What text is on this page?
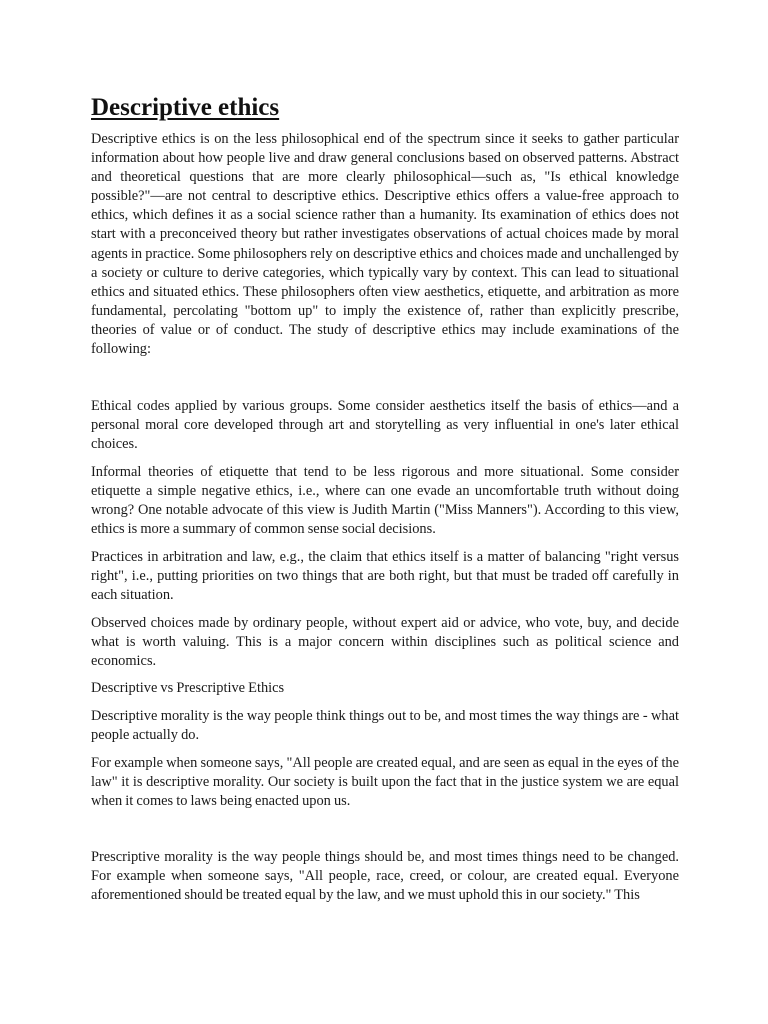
Descriptive ethics

Descriptive ethics is on the less philosophical end of the spectrum since it seeks to gather particular information about how people live and draw general conclusions based on observed patterns. Abstract and theoretical questions that are more clearly philosophical—such as, "Is ethical knowledge possible?"—are not central to descriptive ethics. Descriptive ethics offers a value-free approach to ethics, which defines it as a social science rather than a humanity. Its examination of ethics does not start with a preconceived theory but rather investigates observations of actual choices made by moral agents in practice. Some philosophers rely on descriptive ethics and choices made and unchallenged by a society or culture to derive categories, which typically vary by context. This can lead to situational ethics and situated ethics. These philosophers often view aesthetics, etiquette, and arbitration as more fundamental, percolating "bottom up" to imply the existence of, rather than explicitly prescribe, theories of value or of conduct. The study of descriptive ethics may include examinations of the following:

Ethical codes applied by various groups. Some consider aesthetics itself the basis of ethics—and a personal moral core developed through art and storytelling as very influential in one's later ethical choices.

Informal theories of etiquette that tend to be less rigorous and more situational. Some consider etiquette a simple negative ethics, i.e., where can one evade an uncomfortable truth without doing wrong? One notable advocate of this view is Judith Martin ("Miss Manners"). According to this view, ethics is more a summary of common sense social decisions.

Practices in arbitration and law, e.g., the claim that ethics itself is a matter of balancing "right versus right", i.e., putting priorities on two things that are both right, but that must be traded off carefully in each situation.

Observed choices made by ordinary people, without expert aid or advice, who vote, buy, and decide what is worth valuing. This is a major concern within disciplines such as political science and economics.

Descriptive vs Prescriptive Ethics

Descriptive morality is the way people think things out to be, and most times the way things are - what people actually do.

For example when someone says, "All people are created equal, and are seen as equal in the eyes of the law" it is descriptive morality. Our society is built upon the fact that in the justice system we are equal when it comes to laws being enacted upon us.

Prescriptive morality is the way people things should be, and most times things need to be changed. For example when someone says, "All people, race, creed, or colour, are created equal. Everyone aforementioned should be treated equal by the law, and we must uphold this in our society." This
